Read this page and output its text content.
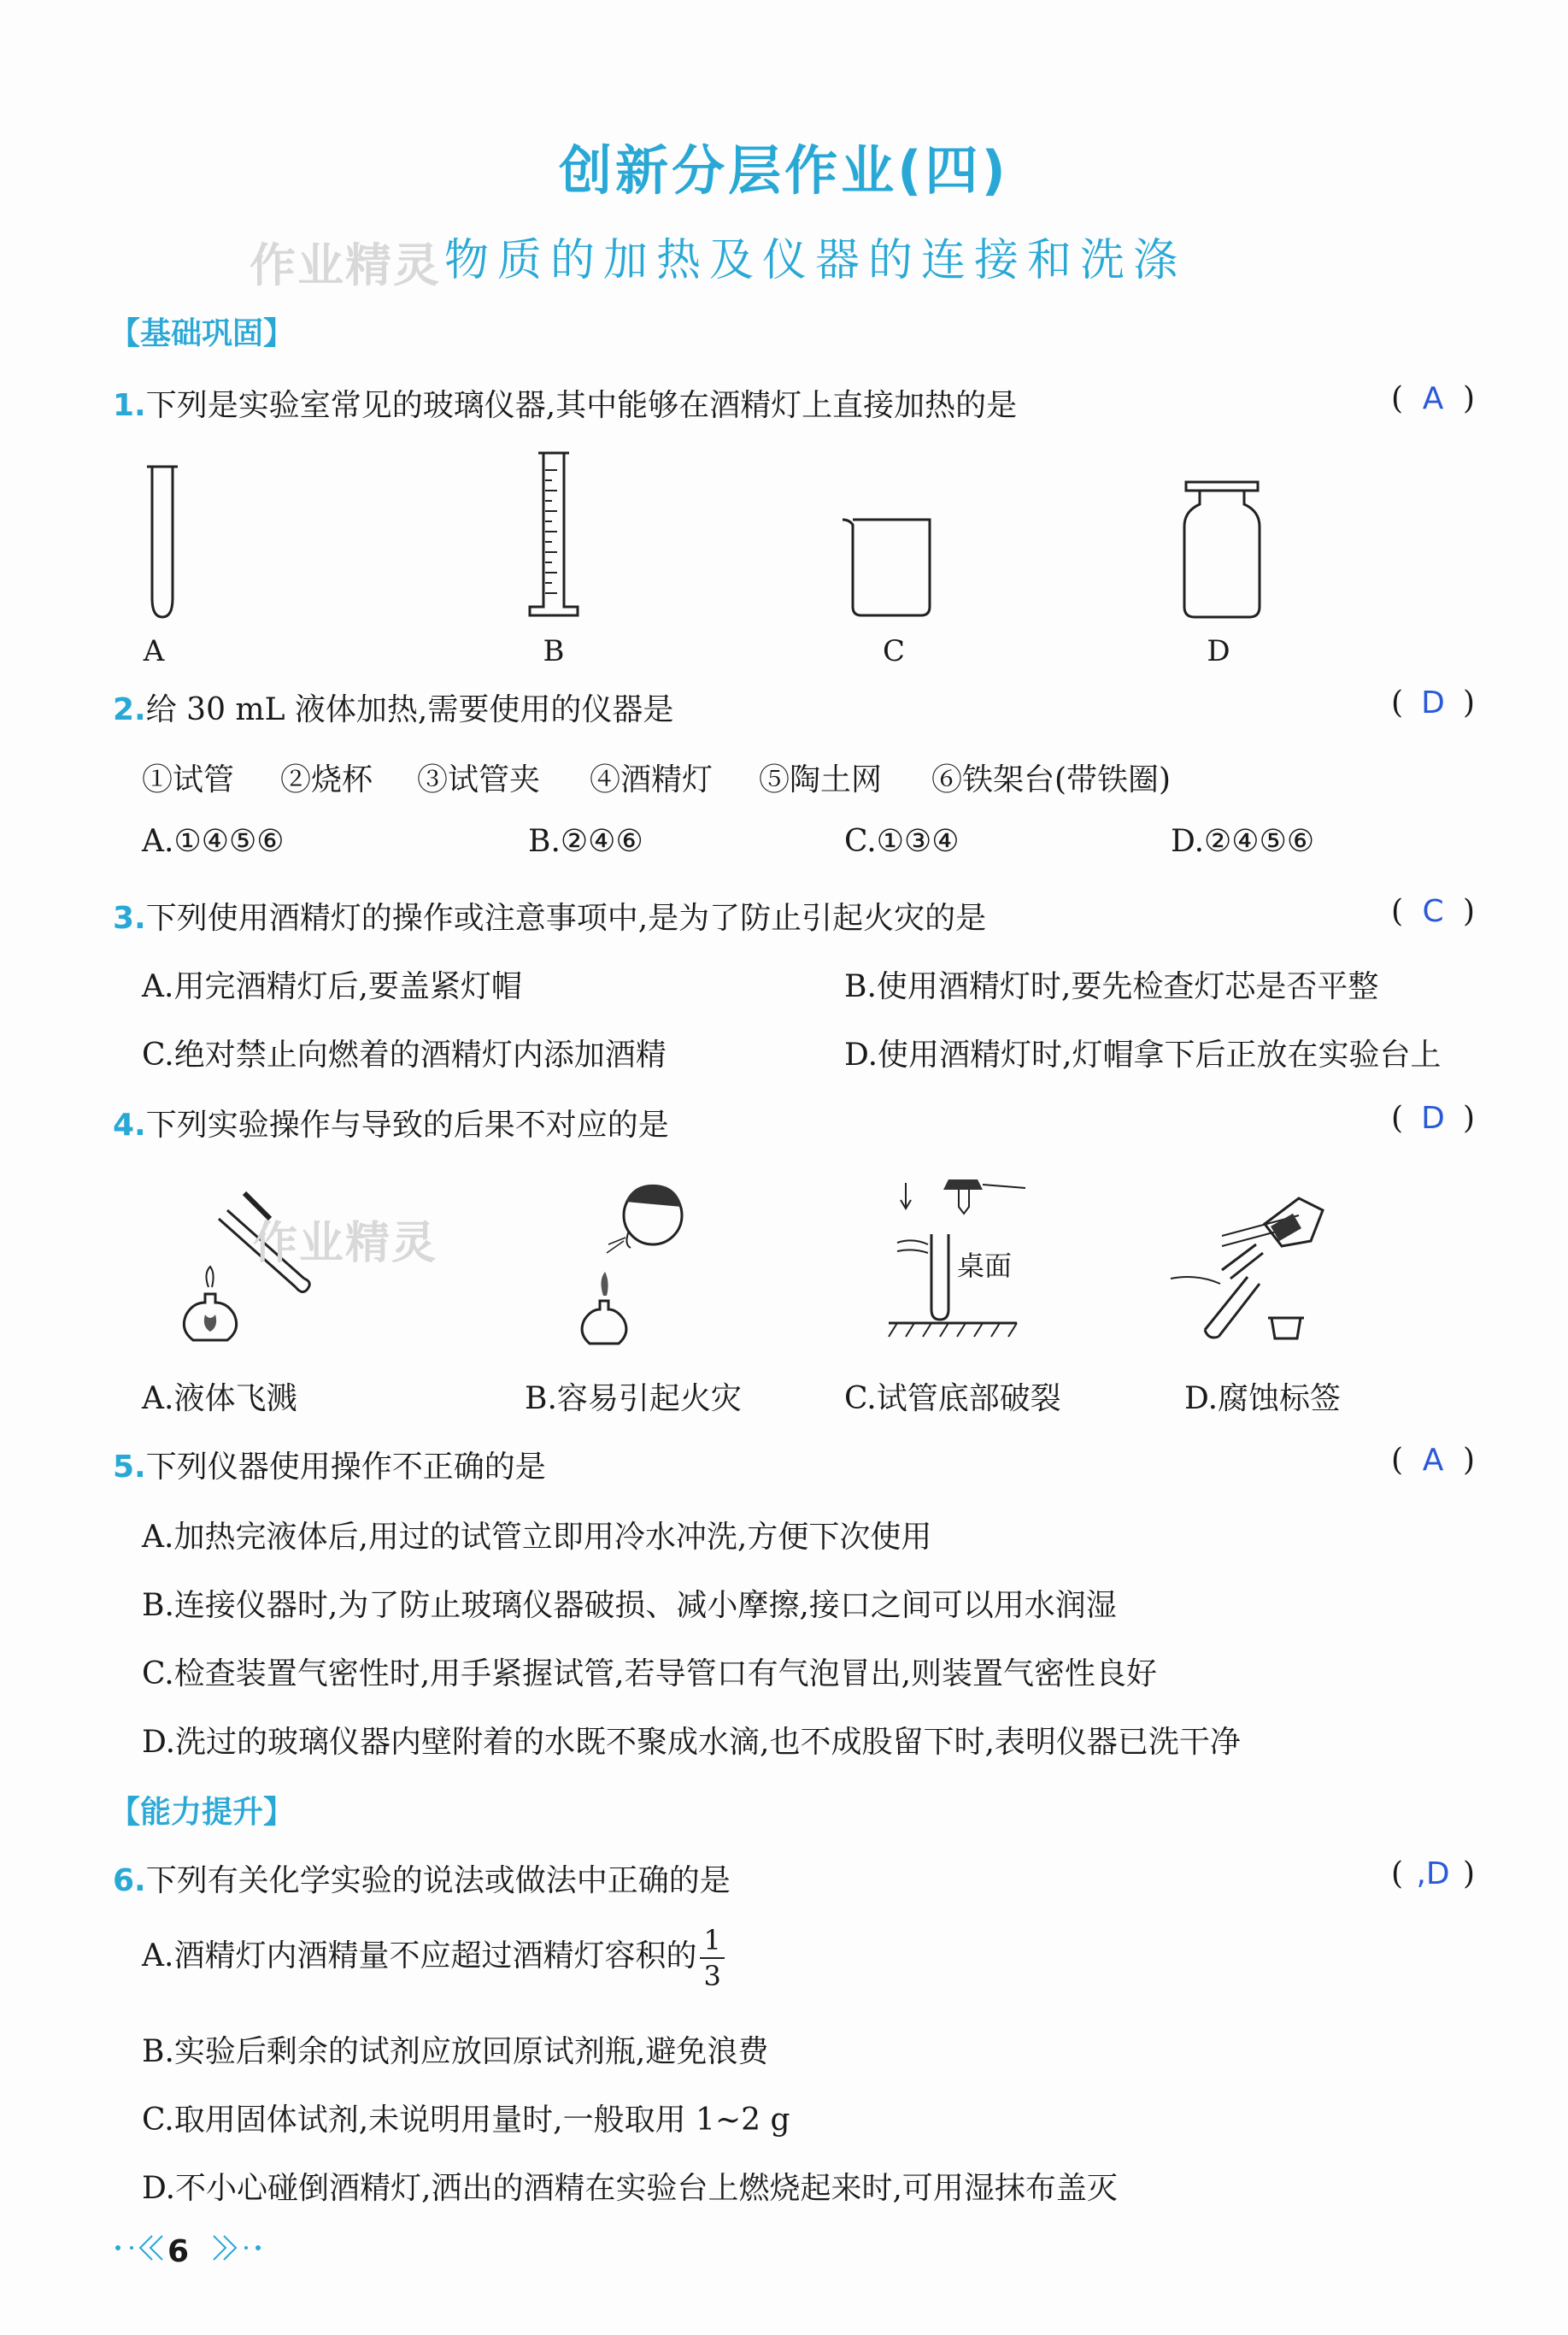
创新分层作业(四)
作业精灵 物质的加热及仪器的连接和洗涤
【基础巩固】
1.下列是实验室常见的玻璃仪器,其中能够在酒精灯上直接加热的是	( A )
A	B	C	D
2.给 30 mL 液体加热,需要使用的仪器是	( D )
①试管 ②烧杯 ③试管夹 ④酒精灯 ⑤陶土网 ⑥铁架台(带铁圈)
A.①④⑤⑥	B.②④⑥	C.①③④	D.②④⑤⑥
3.下列使用酒精灯的操作或注意事项中,是为了防止引起火灾的是	( C )
A.用完酒精灯后,要盖紧灯帽	B.使用酒精灯时,要先检查灯芯是否平整
C.绝对禁止向燃着的酒精灯内添加酒精	D.使用酒精灯时,灯帽拿下后正放在实验台上
4.下列实验操作与导致的后果不对应的是	( D )
作业精灵	桌面
A.液体飞溅	B.容易引起火灾	C.试管底部破裂	D.腐蚀标签
5.下列仪器使用操作不正确的是	( A )
A.加热完液体后,用过的试管立即用冷水冲洗,方便下次使用
B.连接仪器时,为了防止玻璃仪器破损、减小摩擦,接口之间可以用水润湿
C.检查装置气密性时,用手紧握试管,若导管口有气泡冒出,则装置气密性良好
D.洗过的玻璃仪器内壁附着的水既不聚成水滴,也不成股留下时,表明仪器已洗干净
【能力提升】
6.下列有关化学实验的说法或做法中正确的是	( ,D )
A.酒精灯内酒精量不应超过酒精灯容积的 $\frac{1}{3}$
B.实验后剩余的试剂应放回原试剂瓶,避免浪费
C.取用固体试剂,未说明用量时,一般取用 1~2 g
D.不小心碰倒酒精灯,洒出的酒精在实验台上燃烧起来时,可用湿抹布盖灭
6
